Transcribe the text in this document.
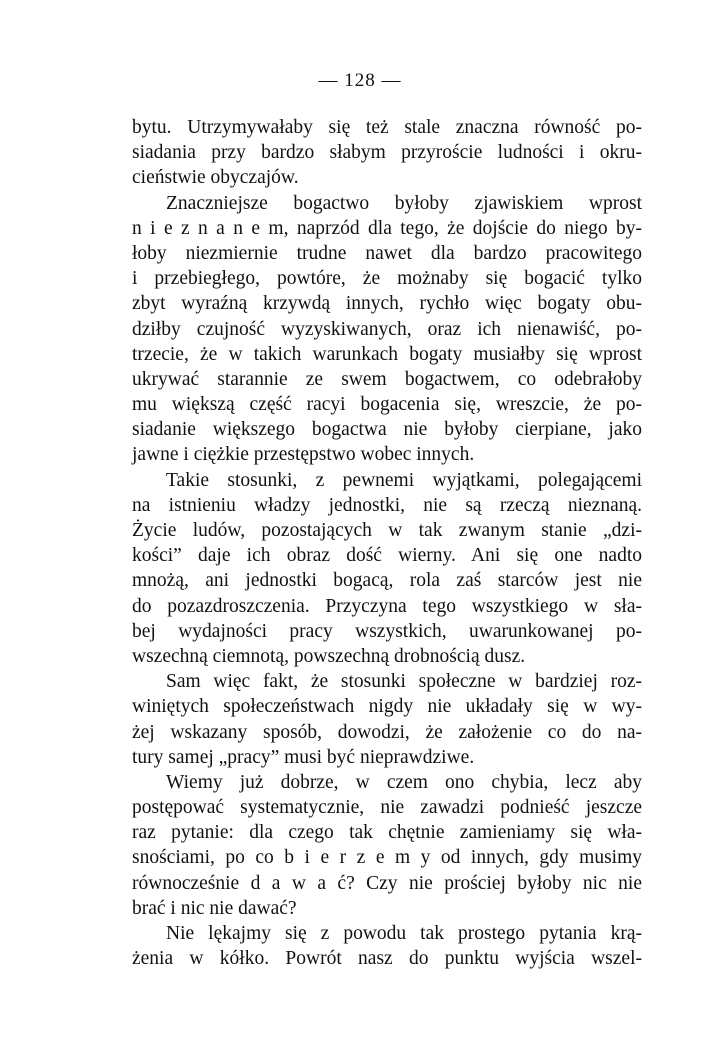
— 128 —
bytu. Utrzymywałaby się też stale znaczna równość po-
siadania przy bardzo słabym przyroście ludności i okru-
cieństwie obyczajów.
Znaczniejsze bogactwo byłoby zjawiskiem wprost
n i e z n a n e m, naprzód dla tego, że dojście do niego by-
łoby niezmiernie trudne nawet dla bardzo pracowitego
i przebiegłego, powtóre, że możnaby się bogacić tylko
zbyt wyraźną krzywdą innych, rychło więc bogaty obu-
dziłby czujność wyzyskiwanych, oraz ich nienawiść, po-
trzecie, że w takich warunkach bogaty musiałby się wprost
ukrywać starannie ze swem bogactwem, co odebrałoby
mu większą część racyi bogacenia się, wreszcie, że po-
siadanie większego bogactwa nie byłoby cierpiane, jako
jawne i ciężkie przestępstwo wobec innych.
Takie stosunki, z pewnemi wyjątkami, polegającemi
na istnieniu władzy jednostki, nie są rzeczą nieznaną.
Życie ludów, pozostających w tak zwanym stanie „dzi-
kości” daje ich obraz dość wierny. Ani się one nadto
mnożą, ani jednostki bogacą, rola zaś starców jest nie
do pozazdroszczenia. Przyczyna tego wszystkiego w sła-
bej wydajności pracy wszystkich, uwarunkowanej po-
wszechną ciemnotą, powszechną drobnością dusz.
Sam więc fakt, że stosunki społeczne w bardziej roz-
winiętych społeczeństwach nigdy nie układały się w wy-
żej wskazany sposób, dowodzi, że założenie co do na-
tury samej „pracy” musi być nieprawdziwe.
Wiemy już dobrze, w czem ono chybia, lecz aby
postępować systematycznie, nie zawadzi podnieść jeszcze
raz pytanie: dla czego tak chętnie zamieniamy się wła-
snościami, po co b i e r z e m y od innych, gdy musimy
równocześnie d a w a ć? Czy nie prościej byłoby nic nie
brać i nic nie dawać?
Nie lękajmy się z powodu tak prostego pytania krą-
żenia w kółko. Powrót nasz do punktu wyjścia wszel-
